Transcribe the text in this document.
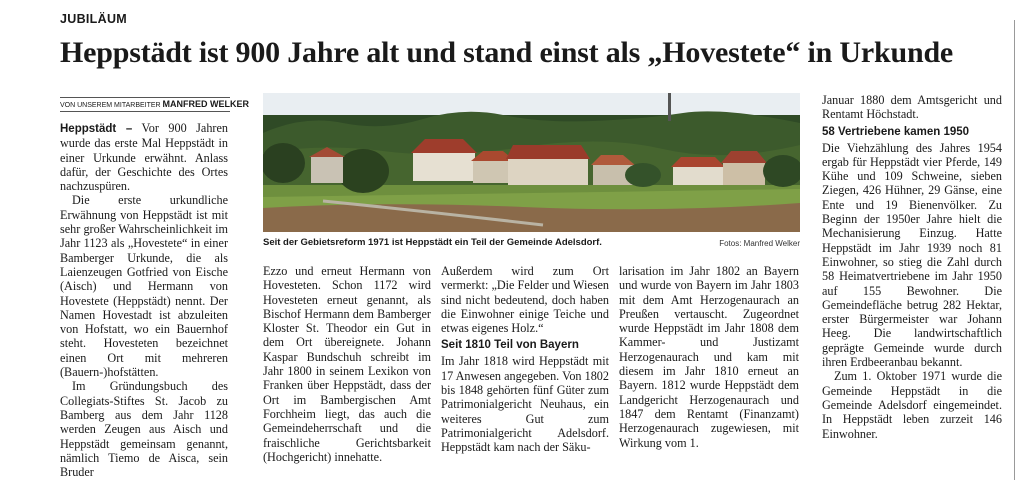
JUBILÄUM
Heppstädt ist 900 Jahre alt und stand einst als „Hovestete“ in Urkunde
VON UNSEREM MITARBEITER MANFRED WELKER

Heppstädt – Vor 900 Jahren wurde das erste Mal Heppstädt in einer Urkunde erwähnt. Anlass dafür, der Geschichte des Ortes nachzuspüren.

Die erste urkundliche Erwähnung von Heppstädt ist mit sehr großer Wahrscheinlichkeit im Jahr 1123 als „Hovestete“ in einer Bamberger Urkunde, die als Laienzeugen Gotfried von Eische (Aisch) und Hermann von Hovestete (Heppstädt) nennt. Der Namen Hovestadt ist abzuleiten von Hofstatt, wo ein Bauernhof steht. Hovesteten bezeichnet einen Ort mit mehreren (Bauern-)hofstätten.

Im Gründungsbuch des Collegiats-Stiftes St. Jacob zu Bamberg aus dem Jahr 1128 werden Zeugen aus Aisch und Heppstädt gemeinsam genannt, nämlich Tiemo de Aisca, sein Bruder

Seit der Gebietsreform 1971 ist Heppstädt ein Teil der Gemeinde Adelsdorf.	Fotos: Manfred Welker

Ezzo und erneut Hermann von Hovesteten. Schon 1172 wird Hovesteten erneut genannt, als Bischof Hermann dem Bamberger Kloster St. Theodor ein Gut in dem Ort übereignete. Johann Kaspar Bundschuh schreibt im Jahr 1800 in seinem Lexikon von Franken über Heppstädt, dass der Ort im Bambergischen Amt Forchheim liegt, das auch die Gemeindeherrschaft und die fraischliche Gerichtsbarkeit (Hochgericht) innehatte.

Außerdem wird zum Ort vermerkt: „Die Felder und Wiesen sind nicht bedeutend, doch haben die Einwohner einige Teiche und etwas eigenes Holz.“

Seit 1810 Teil von Bayern

Im Jahr 1818 wird Heppstädt mit 17 Anwesen angegeben. Von 1802 bis 1848 gehörten fünf Güter zum Patrimonialgericht Neuhaus, ein weiteres Gut zum Patrimonialgericht Adelsdorf. Heppstädt kam nach der Säku-

larisation im Jahr 1802 an Bayern und wurde von Bayern im Jahr 1803 mit dem Amt Herzogenaurach an Preußen vertauscht. Zugeordnet wurde Heppstädt im Jahr 1808 dem Kammer- und Justizamt Herzogenaurach und kam mit diesem im Jahr 1810 erneut an Bayern. 1812 wurde Heppstädt dem Landgericht Herzogenaurach und 1847 dem Rentamt (Finanzamt) Herzogenaurach zugewiesen, mit Wirkung vom 1.

Januar 1880 dem Amtsgericht und Rentamt Höchstadt.

58 Vertriebene kamen 1950

Die Viehzählung des Jahres 1954 ergab für Heppstädt vier Pferde, 149 Kühe und 109 Schweine, sieben Ziegen, 426 Hühner, 29 Gänse, eine Ente und 19 Bienenvölker. Zu Beginn der 1950er Jahre hielt die Mechanisierung Einzug. Hatte Heppstädt im Jahr 1939 noch 81 Einwohner, so stieg die Zahl durch 58 Heimatvertriebene im Jahr 1950 auf 155 Bewohner. Die Gemeindefläche betrug 282 Hektar, erster Bürgermeister war Johann Heeg. Die landwirtschaftlich geprägte Gemeinde wurde durch ihren Erdbeeranbau bekannt.

Zum 1. Oktober 1971 wurde die Gemeinde Heppstädt in die Gemeinde Adelsdorf eingemeindet. In Heppstädt leben zurzeit 146 Einwohner.
